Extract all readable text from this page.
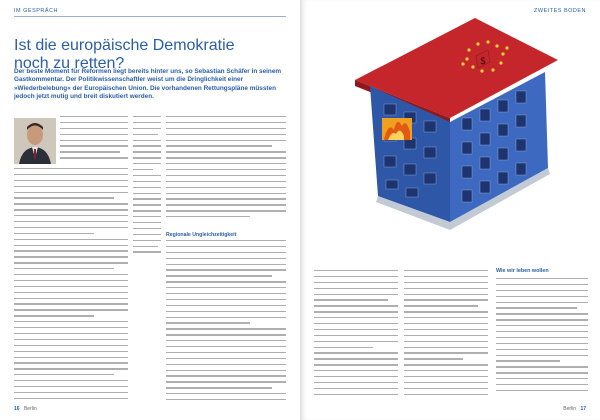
IM GESPRÄCH
Ist die europäische Demokratie noch zu retten?
Der beste Moment für Reformen liegt bereits hinter uns, so Sebastian Schäfer in seinem Gastkommentar. Der Politikwissenschaftler weist um die Dringlichkeit einer »Wiederbelebung« der Europäischen Union. Die vorhandenen Rettungspläne müssten jedoch jetzt mutig und breit diskutiert werden.
Regionale Ungleichzeitigkeit
16 Berlin
ZWEITES BODEN
$
Wie wir leben wollen
Berlin 17
